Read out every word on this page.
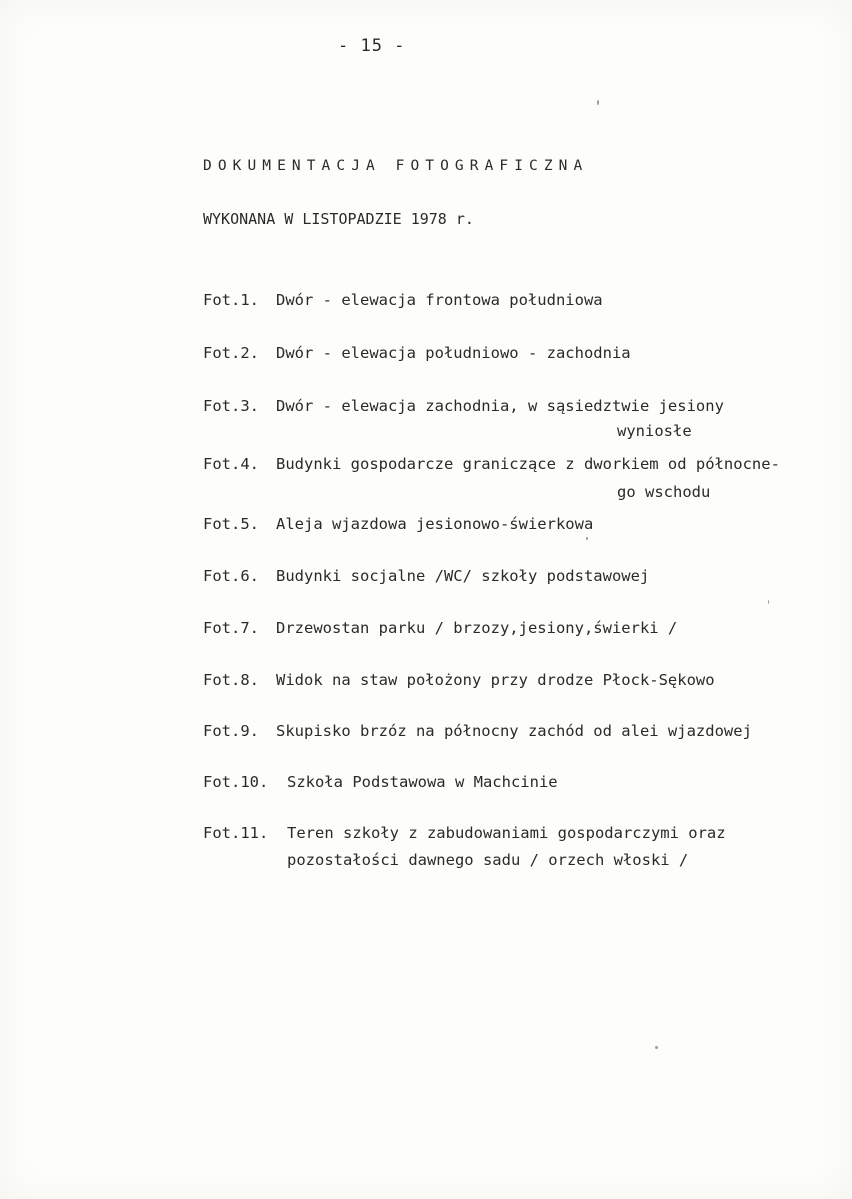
- 15 -
DOKUMENTACJA FOTOGRAFICZNA
WYKONANA W LISTOPADZIE 1978 r.
Fot.1. Dwór - elewacja frontowa południowa
Fot.2. Dwór - elewacja południowo - zachodnia
Fot.3. Dwór - elewacja zachodnia, w sąsiedztwie jesiony
wyniosłe
Fot.4. Budynki gospodarcze graniczące z dworkiem od północne-
go wschodu
Fot.5. Aleja wjazdowa jesionowo-świerkowa
Fot.6. Budynki socjalne /WC/ szkoły podstawowej
Fot.7. Drzewostan parku / brzozy,jesiony,świerki /
Fot.8. Widok na staw położony przy drodze Płock-Sękowo
Fot.9. Skupisko brzóz na północny zachód od alei wjazdowej
Fot.10. Szkoła Podstawowa w Machcinie
Fot.11. Teren szkoły z zabudowaniami gospodarczymi oraz
pozostałości dawnego sadu / orzech włoski /
